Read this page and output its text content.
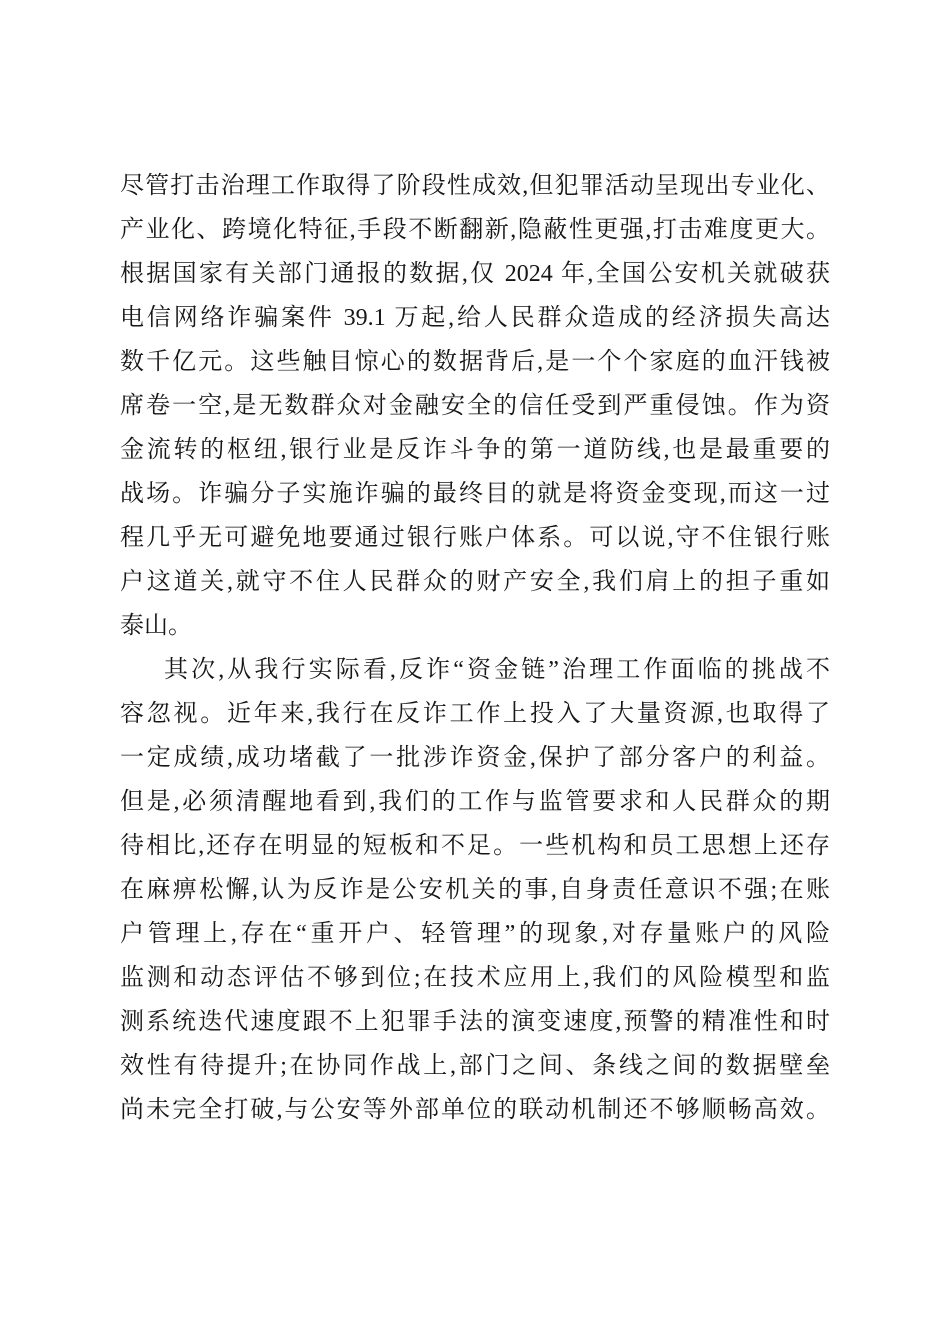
尽管打击治理工作取得了阶段性成效,但犯罪活动呈现出专业化、
产业化、跨境化特征,手段不断翻新,隐蔽性更强,打击难度更大。
根据国家有关部门通报的数据,仅 2024 年,全国公安机关就破获
电信网络诈骗案件 39.1 万起,给人民群众造成的经济损失高达
数千亿元。这些触目惊心的数据背后,是一个个家庭的血汗钱被
席卷一空,是无数群众对金融安全的信任受到严重侵蚀。作为资
金流转的枢纽,银行业是反诈斗争的第一道防线,也是最重要的
战场。诈骗分子实施诈骗的最终目的就是将资金变现,而这一过
程几乎无可避免地要通过银行账户体系。可以说,守不住银行账
户这道关,就守不住人民群众的财产安全,我们肩上的担子重如
泰山。
其次,从我行实际看,反诈“资金链”治理工作面临的挑战不
容忽视。近年来,我行在反诈工作上投入了大量资源,也取得了
一定成绩,成功堵截了一批涉诈资金,保护了部分客户的利益。
但是,必须清醒地看到,我们的工作与监管要求和人民群众的期
待相比,还存在明显的短板和不足。一些机构和员工思想上还存
在麻痹松懈,认为反诈是公安机关的事,自身责任意识不强;在账
户管理上,存在“重开户、轻管理”的现象,对存量账户的风险
监测和动态评估不够到位;在技术应用上,我们的风险模型和监
测系统迭代速度跟不上犯罪手法的演变速度,预警的精准性和时
效性有待提升;在协同作战上,部门之间、条线之间的数据壁垒
尚未完全打破,与公安等外部单位的联动机制还不够顺畅高效。
